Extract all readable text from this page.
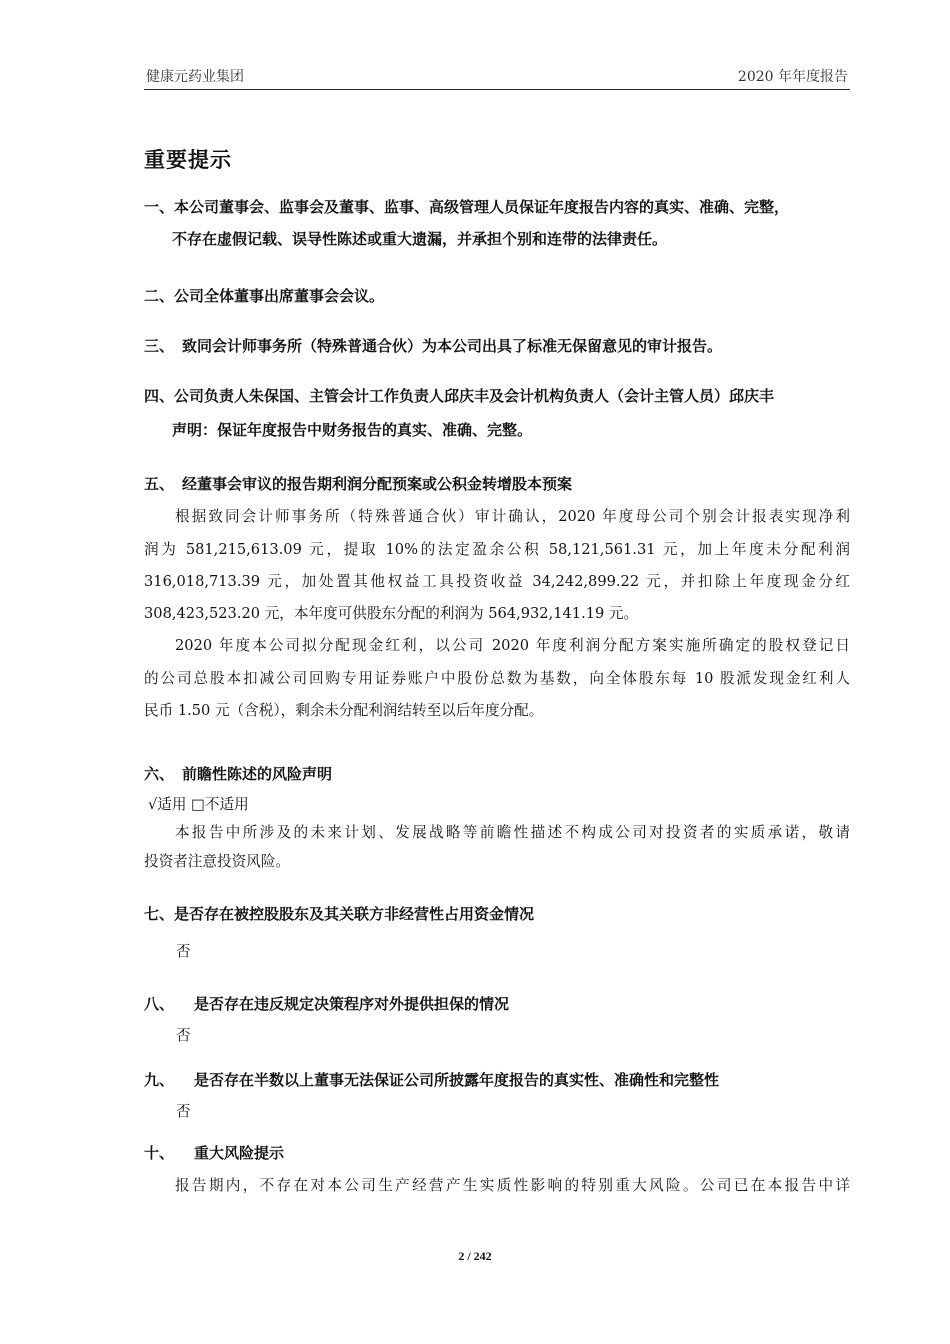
健康元药业集团	2020 年年度报告
重要提示
一、本公司董事会、监事会及董事、监事、高级管理人员保证年度报告内容的真实、准确、完整，
不存在虚假记载、误导性陈述或重大遗漏，并承担个别和连带的法律责任。
二、公司全体董事出席董事会会议。
三、 致同会计师事务所（特殊普通合伙）为本公司出具了标准无保留意见的审计报告。
四、公司负责人朱保国、主管会计工作负责人邱庆丰及会计机构负责人（会计主管人员）邱庆丰
声明：保证年度报告中财务报告的真实、准确、完整。
五、 经董事会审议的报告期利润分配预案或公积金转增股本预案
根据致同会计师事务所（特殊普通合伙）审计确认，2020 年度母公司个别会计报表实现净利
润为 581,215,613.09 元，提取 10%的法定盈余公积 58,121,561.31 元，加上年度未分配利润
316,018,713.39 元，加处置其他权益工具投资收益 34,242,899.22 元，并扣除上年度现金分红
308,423,523.20 元，本年度可供股东分配的利润为 564,932,141.19 元。
2020 年度本公司拟分配现金红利，以公司 2020 年度利润分配方案实施所确定的股权登记日
的公司总股本扣减公司回购专用证券账户中股份总数为基数，向全体股东每 10 股派发现金红利人
民币 1.50 元（含税），剩余未分配利润结转至以后年度分配。
六、 前瞻性陈述的风险声明
√适用 □不适用
本报告中所涉及的未来计划、发展战略等前瞻性描述不构成公司对投资者的实质承诺，敬请
投资者注意投资风险。
七、是否存在被控股股东及其关联方非经营性占用资金情况
否
八、 是否存在违反规定决策程序对外提供担保的情况
否
九、 是否存在半数以上董事无法保证公司所披露年度报告的真实性、准确性和完整性
否
十、 重大风险提示
报告期内，不存在对本公司生产经营产生实质性影响的特别重大风险。公司已在本报告中详
2 / 242
